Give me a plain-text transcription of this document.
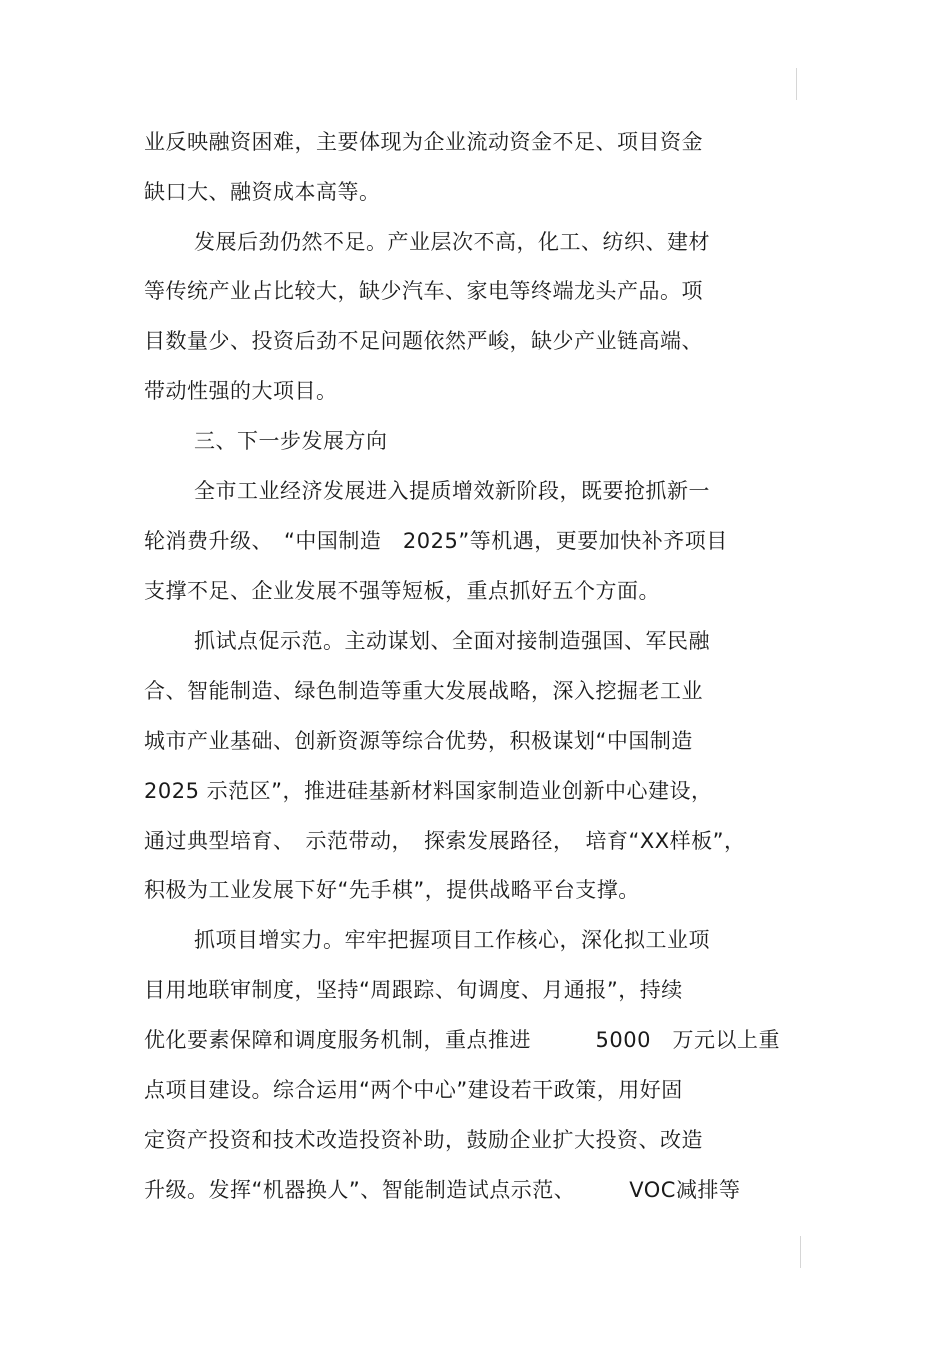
业反映融资困难，主要体现为企业流动资金不足、项目资金
缺口大、融资成本高等。
发展后劲仍然不足。产业层次不高，化工、纺织、建材
等传统产业占比较大，缺少汽车、家电等终端龙头产品。项
目数量少、投资后劲不足问题依然严峻，缺少产业链高端、
带动性强的大项目。
三、下一步发展方向
全市工业经济发展进入提质增效新阶段，既要抢抓新一
轮消费升级、　“中国制造　2025”等机遇，更要加快补齐项目
支撑不足、企业发展不强等短板，重点抓好五个方面。
抓试点促示范。主动谋划、全面对接制造强国、军民融
合、智能制造、绿色制造等重大发展战略，深入挖掘老工业
城市产业基础、创新资源等综合优势，积极谋划“中国制造
2025 示范区”，推进硅基新材料国家制造业创新中心建设，
通过典型培育、　示范带动，　探索发展路径，　培育“XX样板”，
积极为工业发展下好“先手棋”，提供战略平台支撑。
抓项目增实力。牢牢把握项目工作核心，深化拟工业项
目用地联审制度，坚持“周跟踪、旬调度、月通报”，持续
优化要素保障和调度服务机制，重点推进　　　5000　万元以上重
点项目建设。综合运用“两个中心”建设若干政策，用好固
定资产投资和技术改造投资补助，鼓励企业扩大投资、改造
升级。发挥“机器换人”、智能制造试点示范、　　　VOC减排等
